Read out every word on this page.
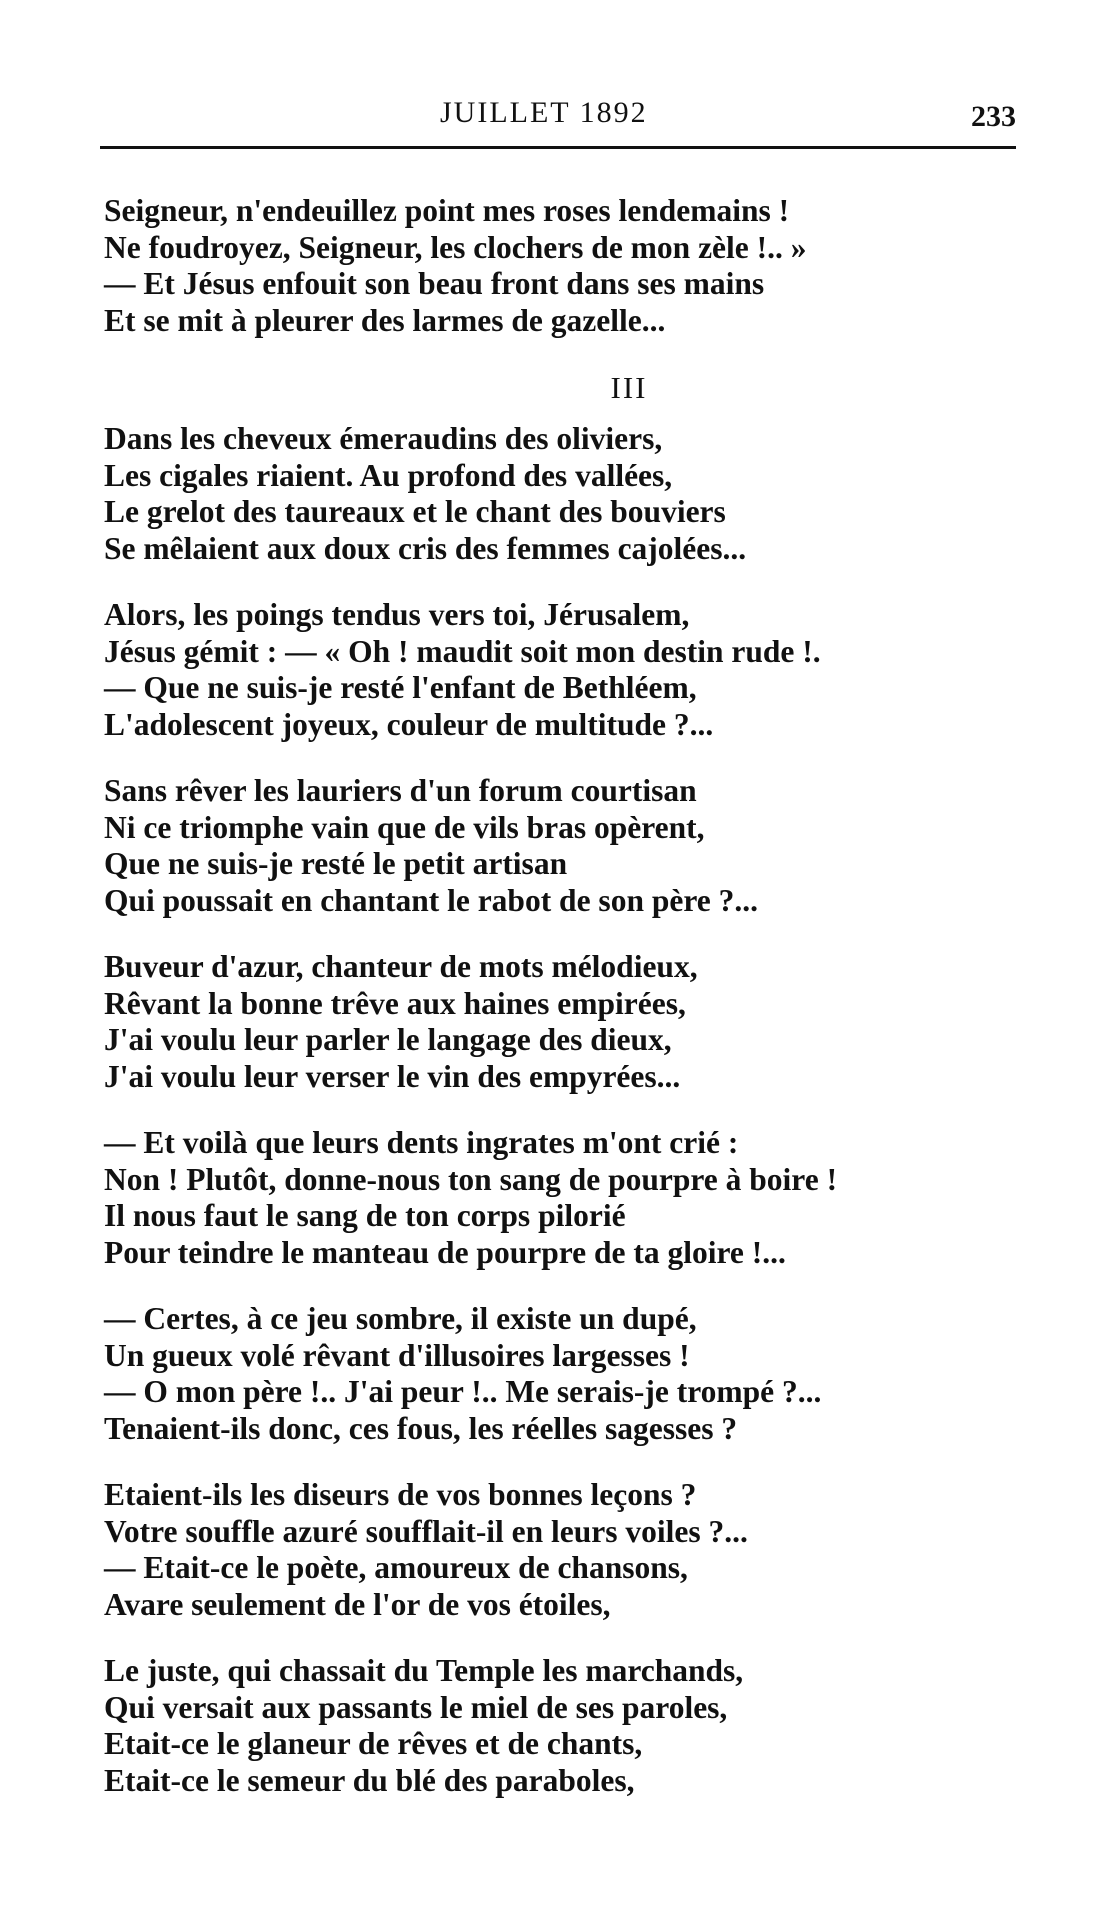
JUILLET 1892	233
Seigneur, n'endeuillez point mes roses lendemains !
Ne foudroyez, Seigneur, les clochers de mon zèle !.. »
— Et Jésus enfouit son beau front dans ses mains
Et se mit à pleurer des larmes de gazelle...
III
Dans les cheveux émeraudins des oliviers,
Les cigales riaient. Au profond des vallées,
Le grelot des taureaux et le chant des bouviers
Se mêlaient aux doux cris des femmes cajolées...
Alors, les poings tendus vers toi, Jérusalem,
Jésus gémit : — « Oh ! maudit soit mon destin rude !.
— Que ne suis-je resté l'enfant de Bethléem,
L'adolescent joyeux, couleur de multitude ?...
Sans rêver les lauriers d'un forum courtisan
Ni ce triomphe vain que de vils bras opèrent,
Que ne suis-je resté le petit artisan
Qui poussait en chantant le rabot de son père ?...
Buveur d'azur, chanteur de mots mélodieux,
Rêvant la bonne trêve aux haines empirées,
J'ai voulu leur parler le langage des dieux,
J'ai voulu leur verser le vin des empyrées...
— Et voilà que leurs dents ingrates m'ont crié :
Non ! Plutôt, donne-nous ton sang de pourpre à boire !
Il nous faut le sang de ton corps pilorié
Pour teindre le manteau de pourpre de ta gloire !...
— Certes, à ce jeu sombre, il existe un dupé,
Un gueux volé rêvant d'illusoires largesses !
— O mon père !.. J'ai peur !.. Me serais-je trompé ?...
Tenaient-ils donc, ces fous, les réelles sagesses ?
Etaient-ils les diseurs de vos bonnes leçons ?
Votre souffle azuré soufflait-il en leurs voiles ?...
— Etait-ce le poète, amoureux de chansons,
Avare seulement de l'or de vos étoiles,
Le juste, qui chassait du Temple les marchands,
Qui versait aux passants le miel de ses paroles,
Etait-ce le glaneur de rêves et de chants,
Etait-ce le semeur du blé des paraboles,
